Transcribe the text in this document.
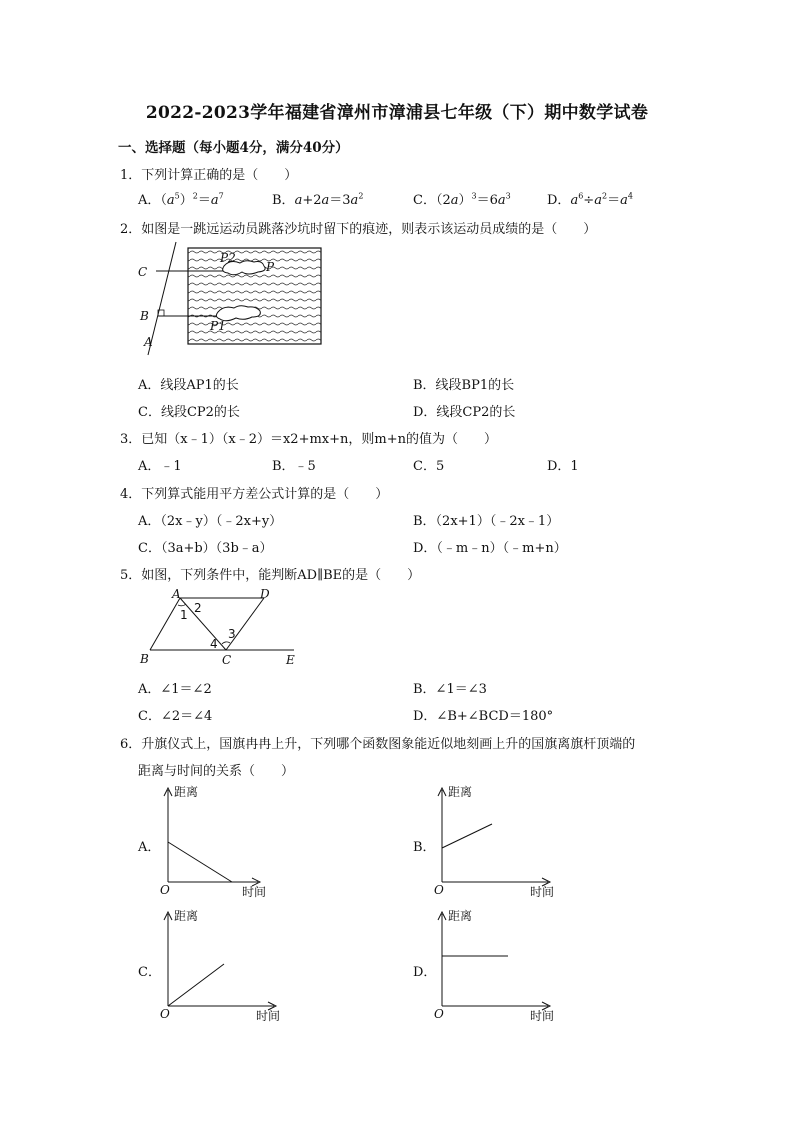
2022-2023学年福建省漳州市漳浦县七年级（下）期中数学试卷
一、选择题（每小题4分，满分40分）
1．下列计算正确的是（　　）
A．$(a^5)^2=a^7$	B．$a+2a=3a^2$	C．$(2a)^3=6a^3$	D．$a^6\div a^2=a^4$
2．如图是一跳远运动员跳落沙坑时留下的痕迹，则表示该运动员成绩的是（　　）
C
B
A
P2
P
P1
A．线段AP1的长	B．线段BP1的长
C．线段CP2的长	D．线段CP2的长
3．已知（x﹣1）（x﹣2）＝x2+mx+n，则m+n的值为（　　）
A．﹣1	B．﹣5	C．5	D．1
4．下列算式能用平方差公式计算的是（　　）
A．（2x﹣y）（﹣2x+y）	B．（2x+1）（﹣2x﹣1）
C．（3a+b）（3b﹣a）	D．（﹣m﹣n）（﹣m+n）
5．如图，下列条件中，能判断AD∥BE的是（　　）
A	D
B	C	E
1 2
3
4
A．∠1＝∠2	B．∠1＝∠3
C．∠2＝∠4	D．∠B+∠BCD＝180°
6．升旗仪式上，国旗冉冉上升，下列哪个函数图象能近似地刻画上升的国旗离旗杆顶端的
距离与时间的关系（　　）
A．
距离
时间
O
B．
距离
时间
O
C．
距离
时间
O
D．
距离
时间
O
